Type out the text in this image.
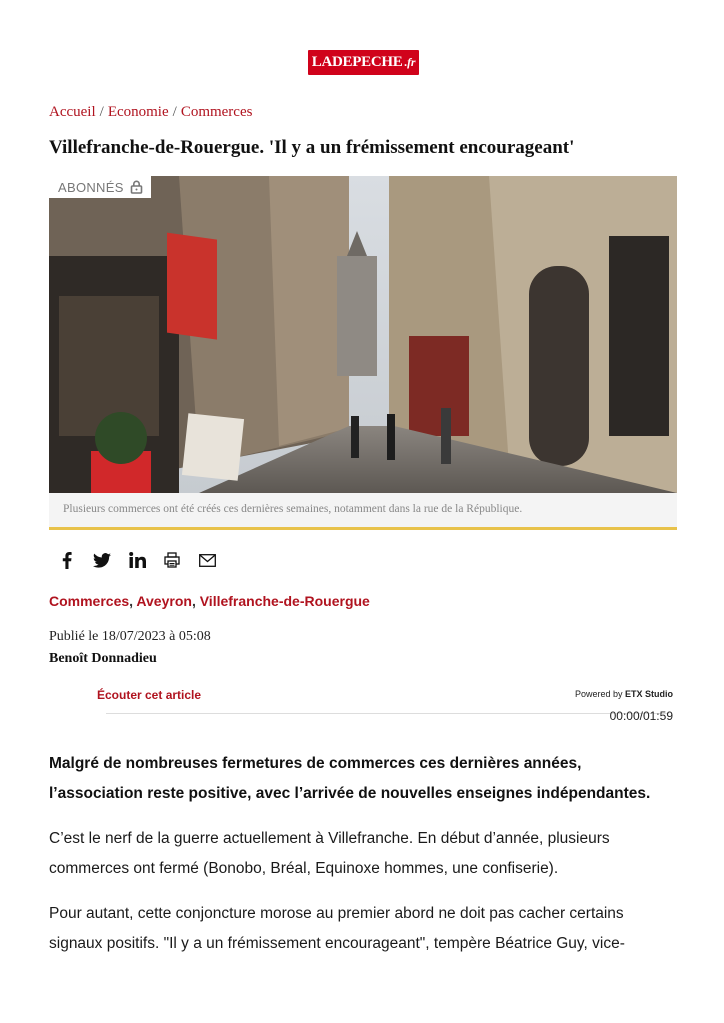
LADEPECHE .fr
Accueil / Economie / Commerces
Villefranche-de-Rouergue. 'Il y a un frémissement encourageant'
ABONNÉS
Plusieurs commerces ont été créés ces dernières semaines, notamment dans la rue de la République.
Commerces, Aveyron, Villefranche-de-Rouergue
Publié le 18/07/2023 à 05:08
Benoît Donnadieu
Écouter cet article	Powered by ETX Studio
00:00/01:59

Malgré de nombreuses fermetures de commerces ces dernières années, l’association reste positive, avec l’arrivée de nouvelles enseignes indépendantes.

C’est le nerf de la guerre actuellement à Villefranche. En début d’année, plusieurs commerces ont fermé (Bonobo, Bréal, Equinoxe hommes, une confiserie).

Pour autant, cette conjoncture morose au premier abord ne doit pas cacher certains signaux positifs. "Il y a un frémissement encourageant", tempère Béatrice Guy, vice-
